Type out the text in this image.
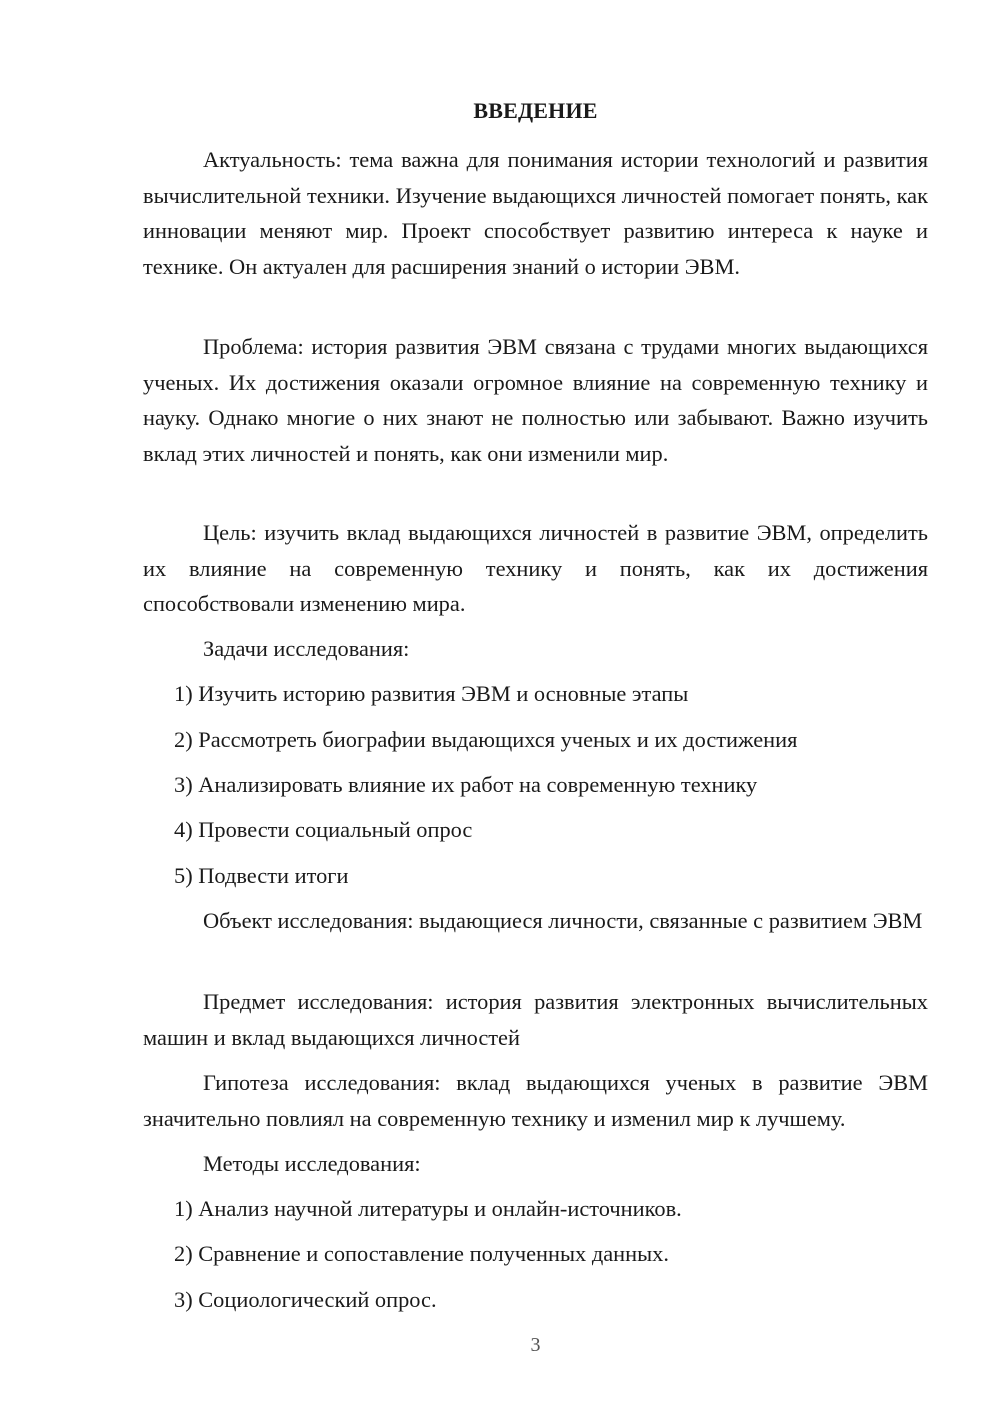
ВВЕДЕНИЕ

Актуальность: тема важна для понимания истории технологий и развития вычислительной техники. Изучение выдающихся личностей помогает понять, как инновации меняют мир. Проект способствует развитию интереса к науке и технике. Он актуален для расширения знаний о истории ЭВМ.

Проблема: история развития ЭВМ связана с трудами многих выдающихся ученых. Их достижения оказали огромное влияние на современную технику и науку. Однако многие о них знают не полностью или забывают. Важно изучить вклад этих личностей и понять, как они изменили мир.

Цель: изучить вклад выдающихся личностей в развитие ЭВМ, определить их влияние на современную технику и понять, как их достижения способствовали изменению мира.

Задачи исследования:

1) Изучить историю развития ЭВМ и основные этапы

2) Рассмотреть биографии выдающихся ученых и их достижения

3) Анализировать влияние их работ на современную технику

4) Провести социальный опрос

5) Подвести итоги

Объект исследования: выдающиеся личности, связанные с развитием ЭВМ

Предмет исследования: история развития электронных вычислительных машин и вклад выдающихся личностей

Гипотеза исследования: вклад выдающихся ученых в развитие ЭВМ значительно повлиял на современную технику и изменил мир к лучшему.

Методы исследования:

1) Анализ научной литературы и онлайн-источников.

2) Сравнение и сопоставление полученных данных.

3) Социологический опрос.

3
